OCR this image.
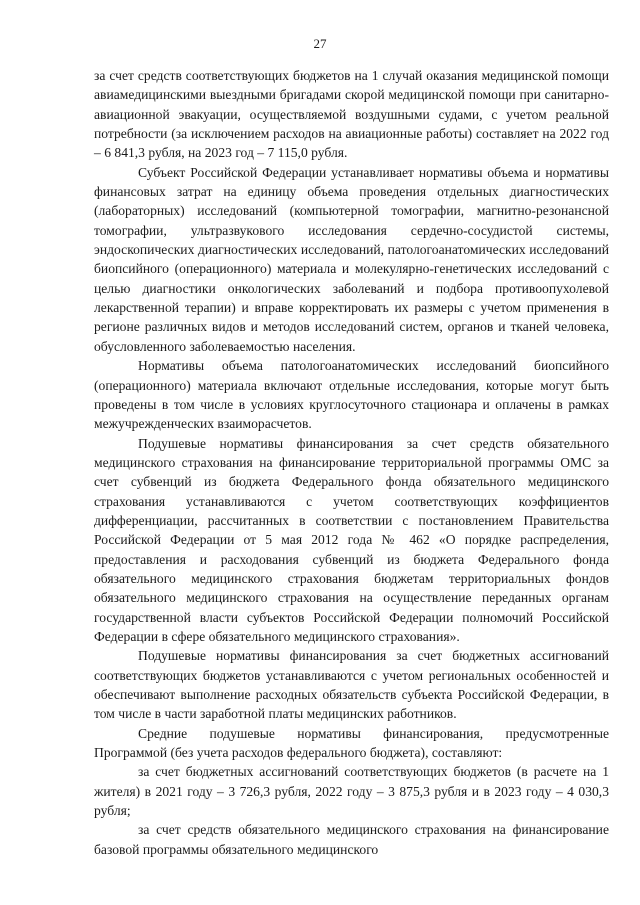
27

за счет средств соответствующих бюджетов на 1 случай оказания медицинской помощи авиамедицинскими выездными бригадами скорой медицинской помощи при санитарно-авиационной эвакуации, осуществляемой воздушными судами, с учетом реальной потребности (за исключением расходов на авиационные работы) составляет на 2022 год – 6 841,3 рубля, на 2023 год – 7 115,0 рубля.

Субъект Российской Федерации устанавливает нормативы объема и нормативы финансовых затрат на единицу объема проведения отдельных диагностических (лабораторных) исследований (компьютерной томографии, магнитно-резонансной томографии, ультразвукового исследования сердечно-сосудистой системы, эндоскопических диагностических исследований, патологоанатомических исследований биопсийного (операционного) материала и молекулярно-генетических исследований с целью диагностики онкологических заболеваний и подбора противоопухолевой лекарственной терапии) и вправе корректировать их размеры с учетом применения в регионе различных видов и методов исследований систем, органов и тканей человека, обусловленного заболеваемостью населения.

Нормативы объема патологоанатомических исследований биопсийного (операционного) материала включают отдельные исследования, которые могут быть проведены в том числе в условиях круглосуточного стационара и оплачены в рамках межучрежденческих взаиморасчетов.

Подушевые нормативы финансирования за счет средств обязательного медицинского страхования на финансирование территориальной программы ОМС за счет субвенций из бюджета Федерального фонда обязательного медицинского страхования устанавливаются с учетом соответствующих коэффициентов дифференциации, рассчитанных в соответствии с постановлением Правительства Российской Федерации от 5 мая 2012 года № 462 «О порядке распределения, предоставления и расходования субвенций из бюджета Федерального фонда обязательного медицинского страхования бюджетам территориальных фондов обязательного медицинского страхования на осуществление переданных органам государственной власти субъектов Российской Федерации полномочий Российской Федерации в сфере обязательного медицинского страхования».

Подушевые нормативы финансирования за счет бюджетных ассигнований соответствующих бюджетов устанавливаются с учетом региональных особенностей и обеспечивают выполнение расходных обязательств субъекта Российской Федерации, в том числе в части заработной платы медицинских работников.

Средние подушевые нормативы финансирования, предусмотренные Программой (без учета расходов федерального бюджета), составляют:

за счет бюджетных ассигнований соответствующих бюджетов (в расчете на 1 жителя) в 2021 году – 3 726,3 рубля, 2022 году – 3 875,3 рубля и в 2023 году – 4 030,3 рубля;

за счет средств обязательного медицинского страхования на финансирование базовой программы обязательного медицинского
